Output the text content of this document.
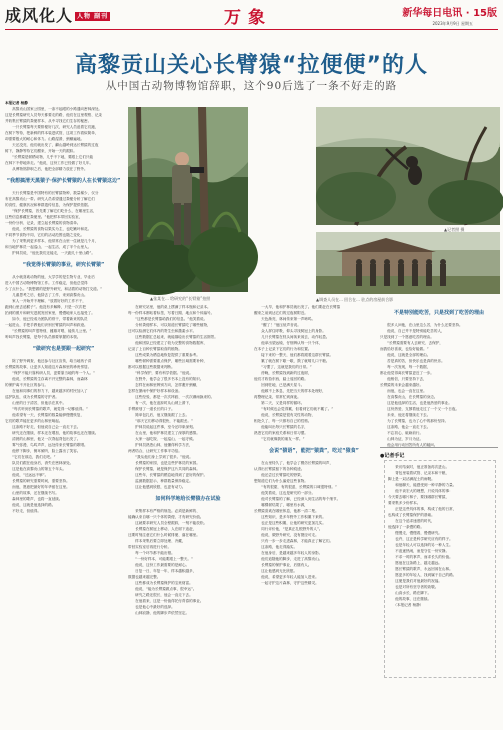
成风化人 人物 副刊	万象	新华每日电讯 · 15版
2023年9月9日 星期五
高黎贡山关心长臂猿“拉便便”的人
从中国古动物博物馆辞职，这个90后选了一条不好走的路
▲张某在... 给研究的“长臂猿”拍照
▲记者照 摄
▲调查人员在... 回合在... 驻点的房屋前合影
本报记者 杨静
　　高黎贡山国家公园里，一条不起眼的小路通向密林深处。
这是长臂猿研究人员每天都要走的路，他们在这里观察、记录
并收集长臂猿的粪便样本，从中寻找它们生存的秘密。
　　一只长臂猿每天要排便好几次，研究人员追着它们跑，
在树下等待，把新鲜的样本装进试管，这项工作看似简单，
却需要极大的耐心和体力。山路湿滑，蚂蟥遍地。
　　天还没亮，他们就出发了，翻山越岭到达长臂猿的过夜
树下，静静等待它们醒来，开始一天的跟踪。
　　“长臂猿是树栖动物，几乎不下地，要跟上它们只能
在林下不停地奔走。”他说，这份工作已经做了好几年。
　　从博物馆辞职之后，他把全部精力放在了野外。
“我想搞清天黑猿子·保护长臂猿的人在长臂猿这边”
　　天行长臂猿是中国特有的长臂猿物种，数量稀少，仅分
布在高黎贡山一带。研究人员希望通过粪便分析了解它们
的食性、健康状况和种群遗传信息，为保护提供依据。
　　“保护长臂猿，首先要了解它们吃什么、在哪里生活，
这些信息都藏在粪便里。”他把样本带回实验室，
一份份分析、记录，建立起长臂猿的食物清单。
　　他说，长臂猿的食物以果实为主，也吃嫩叶和花。
不同季节食物不同，它们的活动范围也随之变化。
　　为了采集到更多样本，他常常在山里一住就是几个月，
和当地护林员一起巡山、一起生活，成了半个山里人。
　　护林员说，“他比我们还能走，一天跑几十里山路”。
“我觉得长臂猿的事业，研究长臂猿”
　　从小就喜欢动物的他，大学学的是生物专业，毕业后
进入中国古动物博物馆工作。工作稳定，但他总觉得
少了点什么。“我想做的是野外研究，和活着的动物打交道。”
　　几番思考之后，他辞去了工作，来到高黎贡山。
　　家人一开始并不理解，“放着好好的工作不干，
跑到山里去追猴子”。他没有多解释，只是一次次把
拍到的照片和研究进展发回家里，慢慢地家人也接受了。
　　如今，他已经成为团队的骨干，带着新来的队员
一起进山，手把手教他们识别长臂猿的叫声和踪迹。
　　“长臂猿的叫声很特别，雌雄对唱，能传几公里。”
听叫声找长臂猿，是每个队员都要掌握的本领。
“做研究也是要跟一起研究”
　　除了野外调查，他还参与社区宣传，给当地孩子讲
长臂猿的故事，让更多人知道这片森林里的珍贵邻居。
　　“保护不能只靠科研人员，更要靠当地的每一个人。”
　　他说，长臂猿的生存离不开完整的森林，而森林
的保护离不开社区的参与。
　　在他和同事们的努力下，越来越多的村民加入了
巡护队伍，成为长臂猿的守护者。
　　山里的日子清苦，但他乐在其中。
　　“每次听到长臂猿的歌声，就觉得一切都值得。”
　　他希望有一天，长臂猿的数量能够慢慢恢复，
它们的歌声能在更多的山林里响起。
　　这条路不好走，但他说自己会一直走下去。
　　研究还在继续，样本还在增加，他的故事也还在继续。
　　清晨的山林里，他又一次背起背包出发了。
　　雾气弥漫，鸟鸣声声，远处传来长臂猿的歌唱。
　　他停下脚步，侧耳倾听，脸上露出了笑容。
　　“它们在那边，我们走吧。”
　　队员们跟在他身后，消失在密林深处。
　　这是他在高黎贡山的第五个年头。
　　他说，“还远远不够”。
　　长臂猿的研究需要时间，需要坚持。
　　而他，愿意把最好的年华留在这里。
　　山里的故事，还在继续书写。
　　森林里的歌声，也将一直延续。
　　他说，这就是他选择的路。
　　不好走，但值得。
　　在研究站里，他的桌上摆满了样本瓶和记录本。
每一份样本都贴着标签，写着日期、地点和个体编号。
　　“这些都是长臂猿给我们的信息。”他笑着说。
　　分析粪便样本，可以知道长臂猿吃了哪些植物，
还可以检测它们体内的寄生虫和激素水平。
　　这些数据汇总起来，就能描绘出长臂猿的生活图景。
　　他和团队已经建立了较为完整的食物数据库，
记录了上百种长臂猿取食的植物。
　　这些成果为栖息地恢复提供了重要参考。
　　哪些树种需要重点保护，哪些区域需要补种，
都可以根据这些数据来判断。
　　“科学保护，要有科学依据。”他说。
　　在野外，他学会了很多书本上没有的知识。
　　怎样在雨林里辨别方向，怎样避开蚂蟥，
怎样在暴雨中保护好样本和设备。
　　这些经验，都是一次次摔跤、一次次淋雨换来的。
　　有一次，他在追踪时从山坡上滑下，
手臂被划了一道长长的口子。
　　简单包扎后，他又继续跟了上去。
　　“那天它们移动得很快，不能跟丢。”
　　护林员说起这件事，至今还印象深刻。
　　在山里，他和护林员建立了深厚的感情。
　　大家一起吃饭、一起巡山、一起守候。
　　护林员熟悉山林，他懂得科学方法，
两者结合，让研究工作事半功倍。
　　“我从他们身上学到了很多。”他说。
　　长臂猿的家园，也是这些护林员的家园。
　　保护长臂猿，就是保护这片共同的森林。
　　这些年，长臂猿的栖息地得到了更好的保护。
　　监测数据显示，种群数量保持稳定。
　　这让他感到欣慰，也更有动力。
如何科学地给长臂猿办在试验
　　采集样本有严格的规范。必须是新鲜的、
能确认来自哪一只个体的粪便，才有研究价值。
　　这就要求研究人员全程跟踪，一刻不能放松。
　　长臂猿在树冠上移动，人在树下追赶，
还要时刻注意它们什么时候排便、落在哪里。
　　样本采集后要立即处理、冷藏，
带回实验室后再进行分析。
　　每一个环节都不能出错。
　　“一份好样本，可能要跟上一整天。”
　　他说，这份工作最需要的是耐心。
　　日复一日，年复一年，样本越积越多，
数据也越来越完整。
　　这些都成为长臂猿保护的宝贵财富。
　　他说，“能为长臂猿做点事，很幸运”。
　　研究之路还很长，他会一直走下去。
　　在他看来，这是一份值得托付青春的事业。
　　也是他心中最好的选择。
　　山林寂静，他的脚步声依然坚定。
　　一大早，他和护林员就出发了。他们要赶在长臂猿
醒来之前到达它们的过夜树附近。
　　天色渐亮，林间传来第一声啼鸣。
　　“醒了！”他压低声音说。
　　众人屏住呼吸，仰头寻找树冠上的身影。
　　几只长臂猿在枝头间荡来荡去，动作轻盈。
　　他拿出望远镜，仔细辨认每一只个体，
在本子上记录下它们的行为和位置。
　　接下来的一整天，他们都将跟着这群长臂猿。
　　累了就在树下歇一歇，饿了就啃几口干粮。
　　“习惯了，这就是我们的日常。”
　　傍晚，长臂猿找到新的过夜树，
他们才收拾东西，踏上返回的路。
　　回到驻地，已是满天星斗。
　　他顾不上休息，先把当天的样本处理好，
再整理记录，常常忙到深夜。
　　第二天，又是同样的循环。
　　“有时候也会觉得累，但看到它们就不累了。”
　　他说，长臂猿是很有灵性的动物，
相处久了，每一只都有自己的性格。
　　他能叫出每只长臂猿的名字，
熟悉它们的家庭关系和日常习惯。
　　“它们就像我的朋友一样。”
会说“猿语”，能把“猿粪”，吃过“猿食”
　　在山里待久了，他学会了模仿长臂猿的叫声，
认得出长臂猿留下的各种痕迹。
　　他还尝过长臂猿吃的野果，
想知道它们为什么偏爱这些食物。
　　“有的很甜，有的很涩，长臂猿的口味很特别。”
　　他笑着说，这也是研究的一部分。
　　他对长臂猿的了解，已经深入到生活的每个细节。
　　哪棵树结果了，哪里有水源，
长臂猿喜欢在哪里休息，他都一清二楚。
　　这些知识，是多年野外工作积累下来的。
　　也正是这些积累，让他的研究更加扎实。
　　同行评价他，“是真正扎根野外的人”。
　　他说，做野外研究，没有捷径可走。
　　只有一步一步走进森林，才能真正了解它们。
　　这条路，他走得踏实。
　　在他身后，是越来越多年轻人的身影。
　　他们追随他的脚步，走进了高黎贡山。
　　长臂猿的保护事业，后继有人。
　　这让他感到无比欣慰。
　　他说，希望更多年轻人能加入进来。
　　一起守护这片森林，守护这些精灵。
不是特别能吃苦，只是找到了吃苦的理由
　　很多人问他，在山里这么苦，为什么还要坚持。
　　他说，自己并不是特别能吃苦的人，
只是找到了一个愿意吃苦的理由。
　　“长臂猿需要有人去研究、去保护，
而我恰好喜欢，也恰好能做。”
　　他说，这就是全部的理由。
　　苦是真的苦，但快乐也是真的快乐。
　　每一次发现，每一个数据，
都让他觉得离长臂猿更近了一步。
　　他相信，只要坚持下去，
长臂猿的未来会越来越好。
　　而他，也会一直在这里。
　　在高黎贡山，在长臂猿的身边。
　　这是他选择的生活，也是他热爱的事业。
　　这份热爱，支撑着他走过了一个又一个日夜。
　　未来，他还将继续走下去。
　　为了长臂猿，也为了心中的那份坚持。
　　这条路，他会一直走下去。
　　不忘初心，砥砺前行。
　　山林为证，岁月为证。
　　他会用行动回答所有人的疑问。
●记者手记
　　采访结束时，他正准备再次进山。
　　背包里装着试管、记录本和干粮，
脚上是一双沾满泥土的雨靴。
　　和他聊天，能感受到一种平静的力量。
　　他不谈宏大的理想，只说具体的事：
今天要去哪片林子，要找哪群长臂猿，
要采集多少份样本。
　　正是这些具体的事，构成了他的日常，
也构成了长臂猿保护的基础。
　　在这个追求速度的时代，
他选择了一条慢的路。
　　慢慢走，慢慢看，慢慢研究。
　　也许，这正是科学研究应有的样子。
　　也是年轻人可以选择的另一种人生。
　　不追逐热闹，而是守住一份安静。
　　不求一时的掌声，而求长久的价值。
　　愿他在这条路上，越走越远。
　　愿长臂猿的歌声，永远回荡在山林。
　　愿更多的年轻人，找到属于自己的路。
　　这便是我们对他最好的祝福。
　　也是对所有坚守者的致敬。
　　山高水长，路在脚下。
　　他的故事，还在继续。
　　（本报记者 杨静）
